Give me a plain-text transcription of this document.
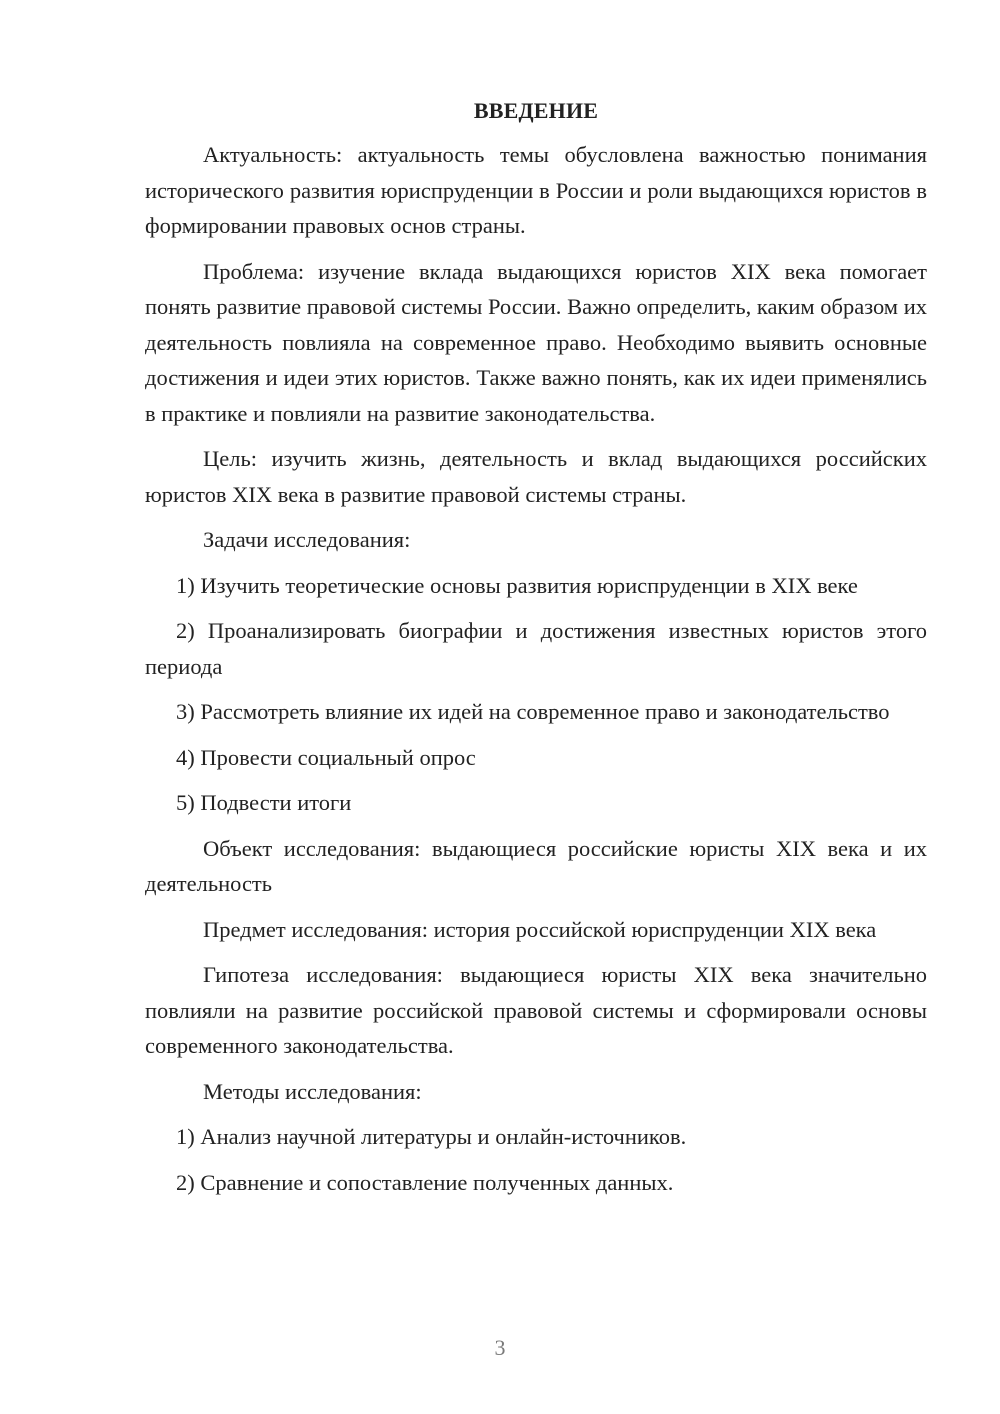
ВВЕДЕНИЕ

Актуальность: актуальность темы обусловлена важностью понимания исторического развития юриспруденции в России и роли выдающихся юристов в формировании правовых основ страны.

Проблема: изучение вклада выдающихся юристов XIX века помогает понять развитие правовой системы России. Важно определить, каким образом их деятельность повлияла на современное право. Необходимо выявить основные достижения и идеи этих юристов. Также важно понять, как их идеи применялись в практике и повлияли на развитие законодательства.

Цель: изучить жизнь, деятельность и вклад выдающихся российских юристов XIX века в развитие правовой системы страны.

Задачи исследования:

1) Изучить теоретические основы развития юриспруденции в XIX веке

2) Проанализировать биографии и достижения известных юристов этого периода

3) Рассмотреть влияние их идей на современное право и законодательство

4) Провести социальный опрос

5) Подвести итоги

Объект исследования: выдающиеся российские юристы XIX века и их деятельность

Предмет исследования: история российской юриспруденции XIX века

Гипотеза исследования: выдающиеся юристы XIX века значительно повлияли на развитие российской правовой системы и сформировали основы современного законодательства.

Методы исследования:

1) Анализ научной литературы и онлайн-источников.

2) Сравнение и сопоставление полученных данных.

3
